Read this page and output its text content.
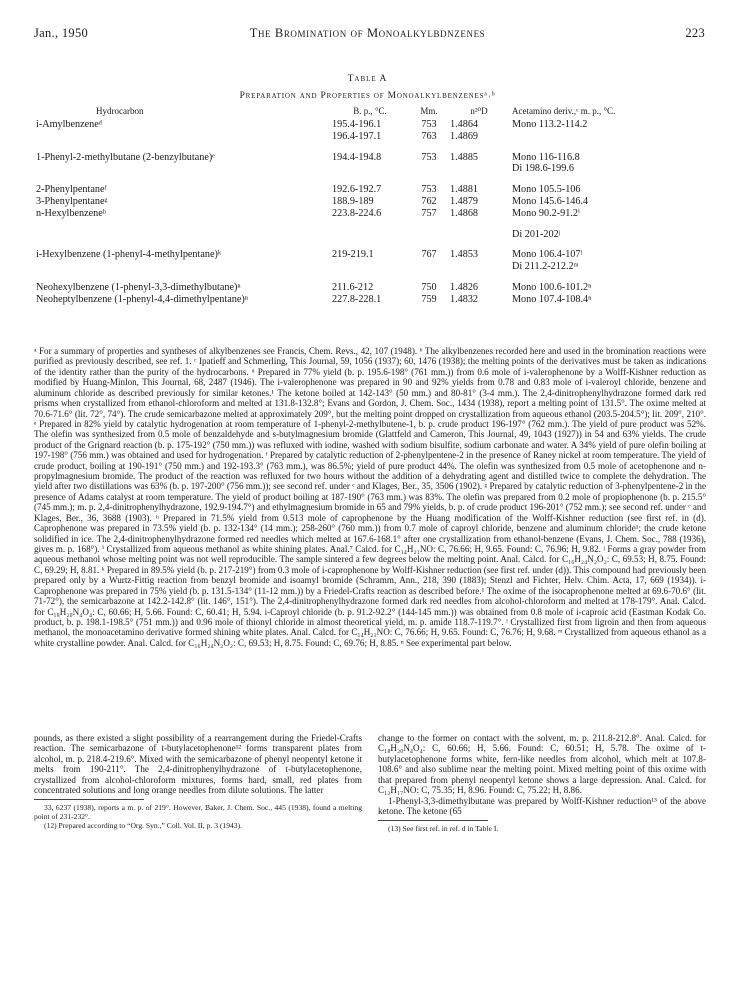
Jan., 1950	The Bromination of Monoalkylbdnzenes	223
Table A
Preparation and Properties of Monoalkylbenzenesᵃ˒ᵇ
Hydrocarbon	B. p., °C.	Mm.	n²⁰D	Acetamino deriv.,ᶜ m. p., °C.
i-Amylbenzeneᵈ	195.4-196.1	753	1.4864	Mono 113.2-114.2
	196.4-197.1	763	1.4869	

1-Phenyl-2-methylbutane (2-benzylbutane)ᵉ	194.4-194.8	753	1.4885	Mono 116-116.8
				Di 198.6-199.6

2-Phenylpentaneᶠ	192.6-192.7	753	1.4881	Mono 105.5-106
3-Phenylpentaneᵍ	188.9-189	762	1.4879	Mono 145.6-146.4
n-Hexylbenzeneʰ	223.8-224.6	757	1.4868	Mono 90.2-91.2ⁱ

				Di 201-202ʲ

i-Hexylbenzene (1-phenyl-4-methylpentane)ᵏ	219-219.1	767	1.4853	Mono 106.4-107ˡ
				Di 211.2-212.2ᵐ

Neohexylbenzene (1-phenyl-3,3-dimethylbutane)ⁿ	211.6-212	750	1.4826	Mono 100.6-101.2ⁿ
Neoheptylbenzene (1-phenyl-4,4-dimethylpentane)ⁿ	227.8-228.1	759	1.4832	Mono 107.4-108.4ⁿ

ᵃ For a summary of properties and syntheses of alkylbenzenes see Francis, Chem. Revs., 42, 107 (1948). ᵇ The alkylbenzenes recorded here and used in the bromination reactions were purified as previously described, see ref. 1. ᶜ Ipatieff and Schmerling, This Journal, 59, 1056 (1937); 60, 1476 (1938); the melting points of the derivatives must be taken as indications of the identity rather than the purity of the hydrocarbons. ᵈ Prepared in 77% yield (b. p. 195.6-198° (761 mm.)) from 0.6 mole of i-valerophenone by a Wolff-Kishner reduction as modified by Huang-Minlon, This Journal, 68, 2487 (1946). The i-valerophenone was prepared in 90 and 92% yields from 0.78 and 0.83 mole of i-valeroyl chloride, benzene and aluminum chloride as described previously for similar ketones.¹ The ketone boiled at 142-143° (50 mm.) and 80-81° (3-4 mm.). The 2,4-dinitrophenylhydrazone formed dark red prisms when crystallized from ethanol-chloroform and melted at 131.8-132.8°; Evans and Gordon, J. Chem. Soc., 1434 (1938), report a melting point of 131.5°. The oxime melted at 70.6-71.6° (lit. 72°, 74°). The crude semicarbazone melted at approximately 209°, but the melting point dropped on crystallization from aqueous ethanol (203.5-204.5°); lit. 209°, 210°. ᵉ Prepared in 82% yield by catalytic hydrogenation at room temperature of 1-phenyl-2-methylbutene-1, b. p. crude product 196-197° (762 mm.). The yield of pure product was 52%. The olefin was synthesized from 0.5 mole of benzaldehyde and s-butylmagnesium bromide (Glattfeld and Cameron, This Journal, 49, 1043 (1927)) in 54 and 63% yields. The crude product of the Grignard reaction (b. p. 175-192° (750 mm.)) was refluxed with iodine, washed with sodium bisulfite, sodium carbonate and water. A 34% yield of pure olefin boiling at 197-198° (756 mm.) was obtained and used for hydrogenation. ᶠ Prepared by catalytic reduction of 2-phenylpentene-2 in the presence of Raney nickel at room temperature. The yield of crude product, boiling at 190-191° (750 mm.) and 192-193.3° (763 mm.), was 86.5%; yield of pure product 44%. The olefin was synthesized from 0.5 mole of acetophenone and n-propylmagnesium bromide. The product of the reaction was refluxed for two hours without the addition of a dehydrating agent and distilled twice to complete the dehydration. The yield after two distillations was 63% (b. p. 197-200° (756 mm.)); see second ref. under ᶜ and Klages, Ber., 35, 3506 (1902). ᵍ Prepared by catalytic reduction of 3-phenylpentene-2 in the presence of Adams catalyst at room temperature. The yield of product boiling at 187-190° (763 mm.) was 83%. The olefin was prepared from 0.2 mole of propiophenone (b. p. 215.5° (745 mm.); m. p. 2,4-dinitrophenylhydrazone, 192.9-194.7°) and ethylmagnesium bromide in 65 and 79% yields, b. p. of crude product 196-201° (752 mm.); see second ref. under ᶜ and Klages, Ber., 36, 3688 (1903). ʰ Prepared in 71.5% yield from 0.513 mole of caprophenone by the Huang modification of the Wolff-Kishner reduction (see first ref. in (d). Caprophenone was prepared in 73.5% yield (b. p. 132-134° (14 mm.); 258-260° (760 mm.)) from 0.7 mole of caproyl chloride, benzene and aluminum chloride¹; the crude ketone solidified in ice. The 2,4-dinitrophenylhydrazone formed red needles which melted at 167.6-168.1° after one crystallization from ethanol-benzene (Evans, J. Chem. Soc., 788 (1936), gives m. p. 168°). ⁱ Crystallized from aqueous methanol as white shining plates. Anal.⁷ Calcd. for C₁₄H₂₁NO: C, 76.66; H, 9.65. Found: C, 76.96; H, 9.82. ʲ Forms a gray powder from aqueous methanol whose melting point was not well reproducible. The sample sintered a few degrees below the melting point. Anal. Calcd. for C₁₆H₂₄N₂O₂: C, 69.53; H, 8.75. Found: C, 69.29; H, 8.81. ᵏ Prepared in 89.5% yield (b. p. 217-219°) from 0.3 mole of i-caprophenone by Wolff-Kishner reduction (see first ref. under (d)). This compound had previously been prepared only by a Wurtz-Fittig reaction from benzyl bromide and isoamyl bromide (Schramm, Ann., 218, 390 (1883); Stenzl and Fichter, Helv. Chim. Acta, 17, 669 (1934)). i-Caprophenone was prepared in 75% yield (b. p. 131.5-134° (11-12 mm.)) by a Friedel-Crafts reaction as described before.¹ The oxime of the isocaprophenone melted at 69.6-70.6° (lit. 71-72°), the semicarbazone at 142.2-142.8° (lit. 146°, 151°). The 2,4-dinitrophenylhydrazone formed dark red needles from alcohol-chloroform and melted at 178-179°. Anal. Calcd. for C₁₈H₂₀N₄O₄: C, 60.66; H, 5.66. Found: C, 60.41; H, 5.94. i-Caproyl chloride (b. p. 91.2-92.2° (144-145 mm.)) was obtained from 0.8 mole of i-caproic acid (Eastman Kodak Co. product, b. p. 198.1-198.5° (751 mm.)) and 0.96 mole of thionyl chloride in almost theoretical yield, m. p. amide 118.7-119.7°. ˡ Crystallized first from ligroin and then from aqueous methanol, the monoacetamino derivative formed shining white plates. Anal. Calcd. for C₁₄H₂₁NO: C, 76.66; H, 9.65. Found: C, 76.76; H, 9.68. ᵐ Crystallized from aqueous ethanol as a white crystalline powder. Anal. Calcd. for C₁₆H₂₄N₂O₂: C, 69.53; H, 8.75. Found: C, 69.76; H, 8.85. ⁿ See experimental part below.

pounds, as there existed a slight possibility of a rearrangement during the Friedel-Crafts reaction. The semicarbazone of t-butylacetophenone¹² forms transparent plates from alcohol, m. p. 218.4-219.6°. Mixed with the semicarbazone of phenyl neopentyl ketone it melts from 190-211°. The 2,4-dinitrophenylhydrazone of t-butylacetophenone, crystallized from alcohol-chloroform mixtures, forms hard, small, red plates from concentrated solutions and long orange needles from dilute solutions. The latter

33, 6237 (1938), reports a m. p. of 219°. However, Baker, J. Chem. Soc., 445 (1938), found a melting point of 231-232°.

(12) Prepared according to “Org. Syn.,” Coll. Vol. II, p. 3 (1943).

change to the former on contact with the solvent, m. p. 211.8-212.8°. Anal. Calcd. for C₁₈H₂₀N₄O₄: C, 60.66; H, 5.66. Found: C, 60.51; H, 5.78. The oxime of t-butylacetophenone forms white, fern-like needles from alcohol, which melt at 107.8-108.6° and also sublime near the melting point. Mixed melting point of this oxime with that prepared from phenyl neopentyl ketone shows a large depression. Anal. Calcd. for C₁₂H₁₇NO: C, 75.35; H, 8.96. Found: C, 75.22; H, 8.86.

1-Phenyl-3,3-dimethylbutane was prepared by Wolff-Kishner reduction¹³ of the above ketone. The ketone (65

(13) See first ref. in ref. d in Table I.
